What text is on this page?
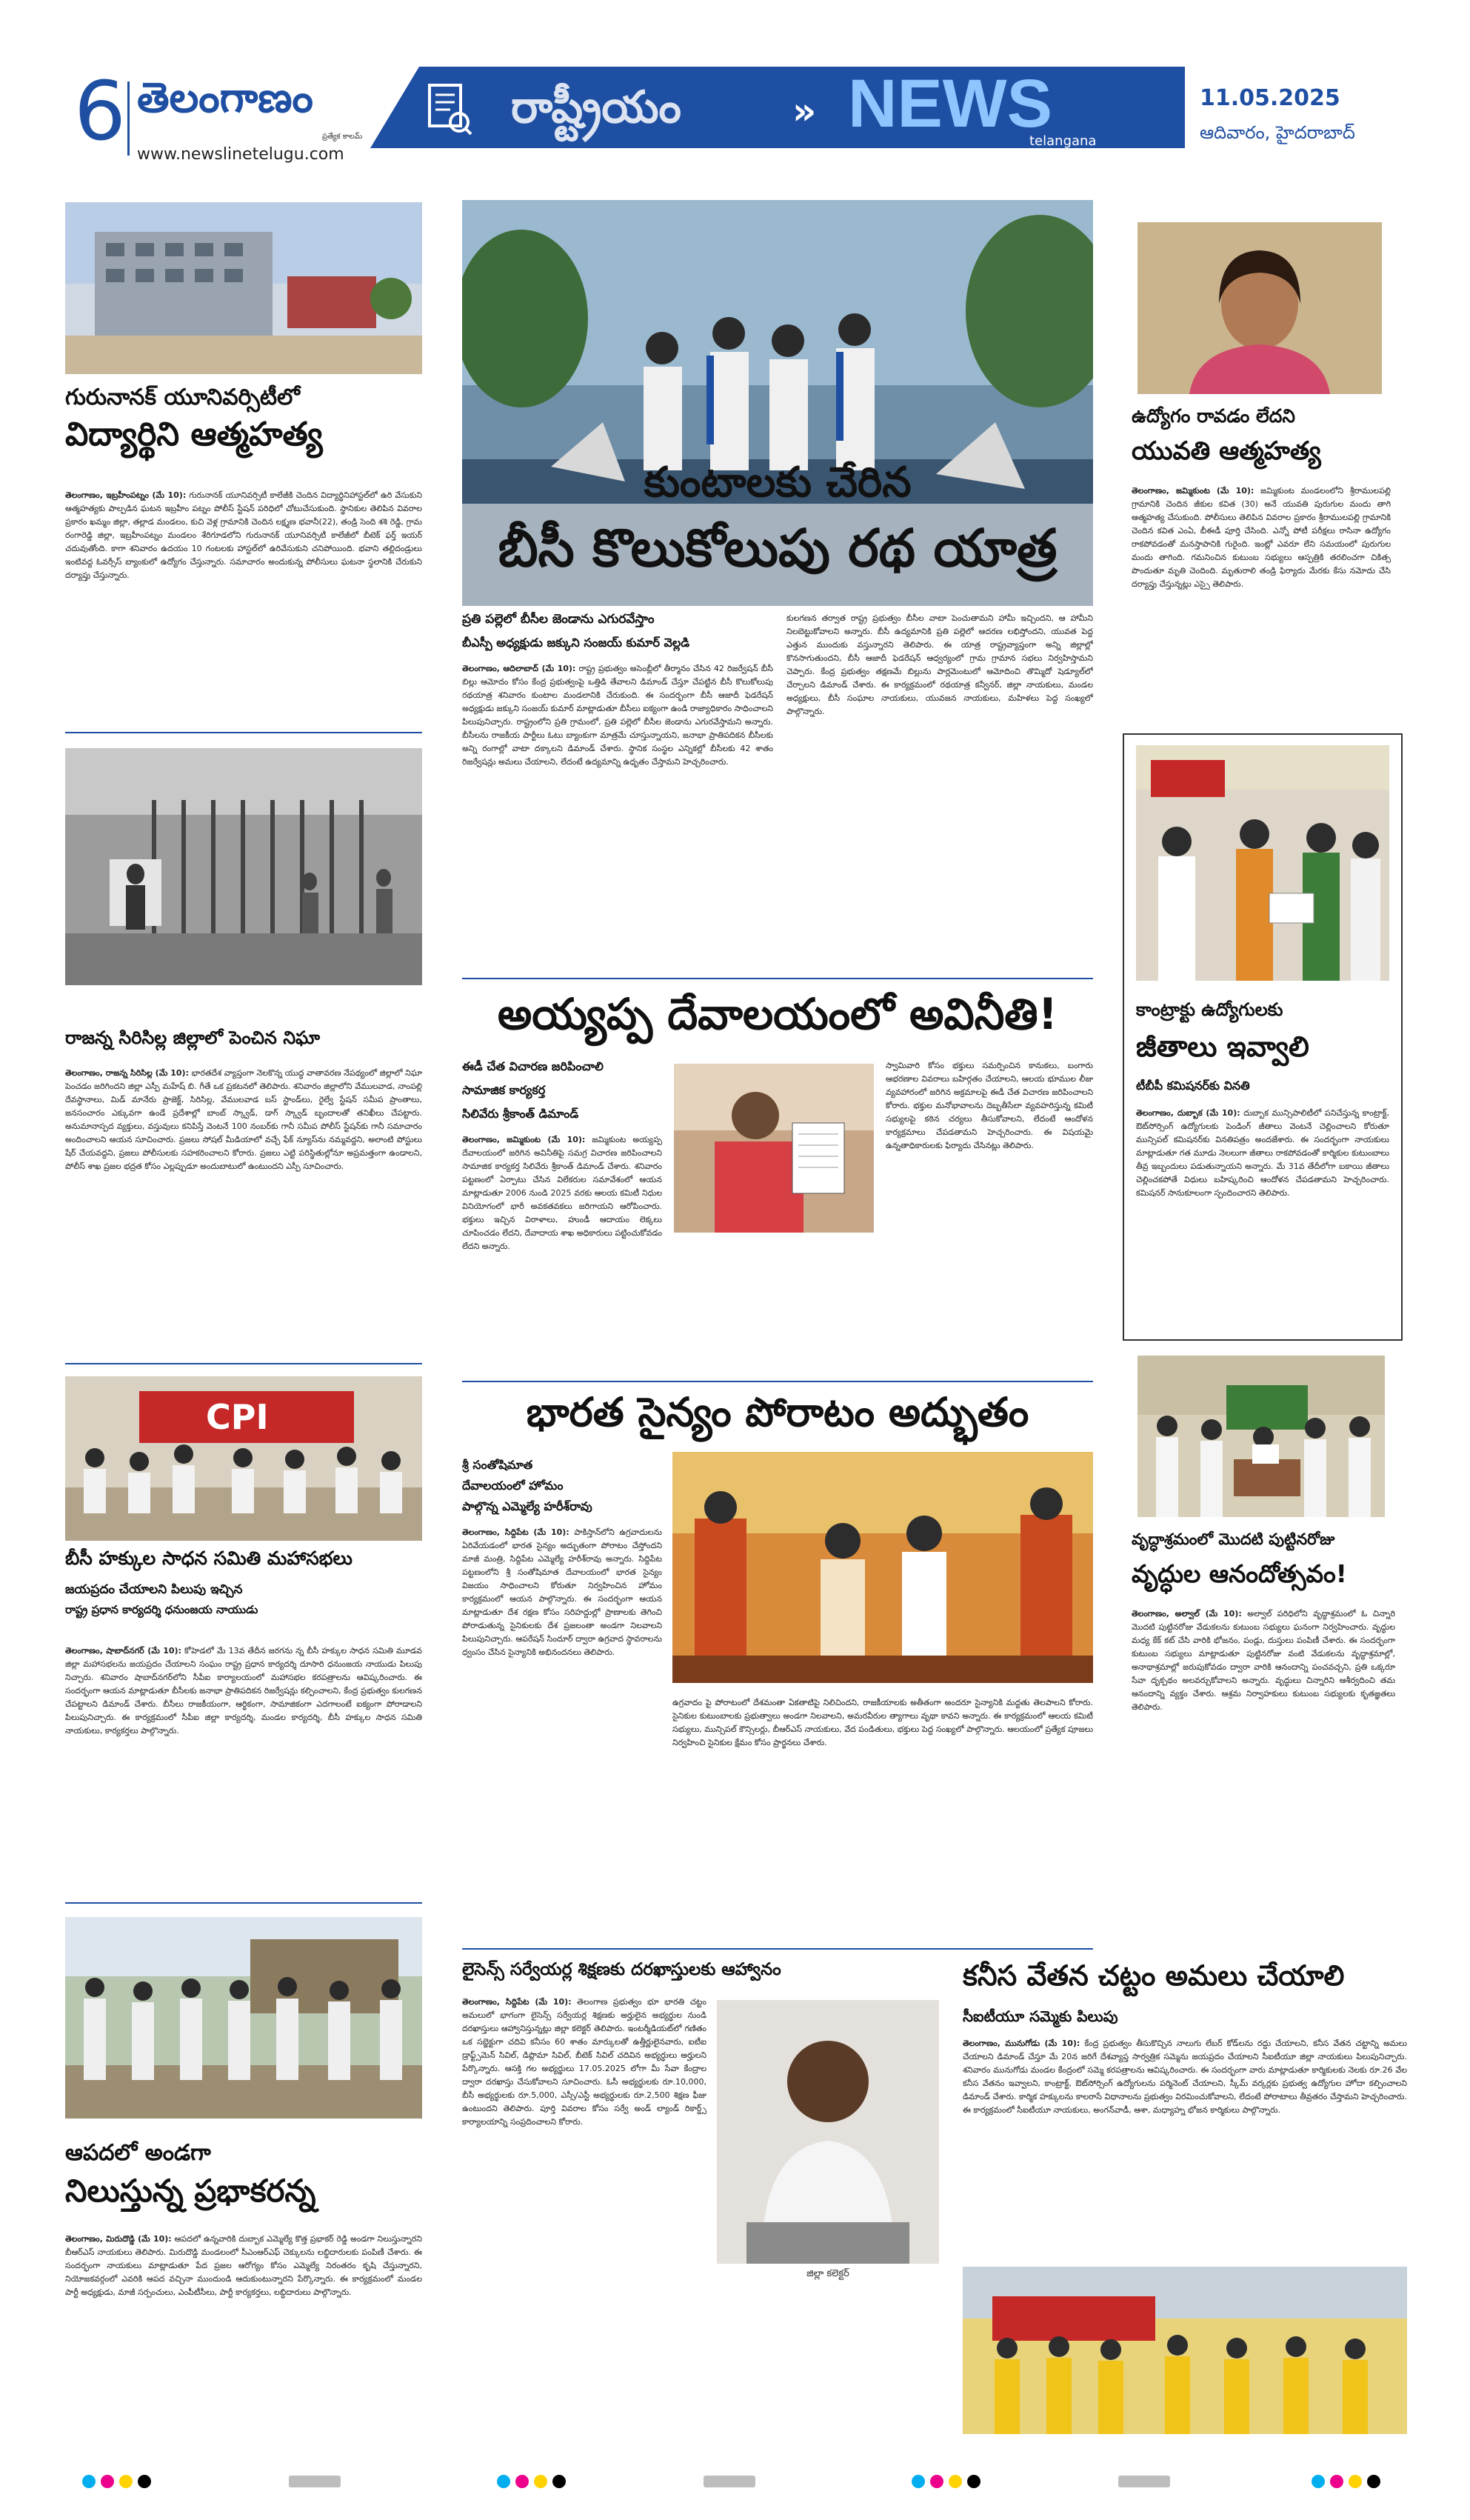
6 తెలంగాణం
ప్రత్యేక కాలమ్
www.newslinetelugu.com
రాష్ట్రీయం	» NEWS
telangana
11.05.2025
ఆదివారం, హైదరాబాద్
గురునానక్ యూనివర్సిటీలో
విద్యార్థిని ఆత్మహత్య
తెలంగాణం, ఇబ్రహీంపట్నం (మే 10): గురునానక్ యూనివర్సిటీ కాలేజీకి చెందిన విద్యార్థినిహాస్టల్‌లో ఉరి వేసుకుని ఆత్మహత్యకు పాల్పడిన ఘటన ఇబ్రహీం పట్నం పోలీస్ స్టేషన్ పరిధిలో చోటుచేసుకుంది. స్థానికుల తెలిపిన వివరాల ప్రకారం ఖమ్మం జిల్లా, తల్లాడ మండలం, కుచి వెళ్ల గ్రామానికి చెందిన లక్ష్మణ భవానీ(22), తండ్రి సెంది శశి రెడ్డి, గ్రామ రంగారెడ్డి జిల్లా, ఇబ్రహీంపట్నం మండలం శేరిగూడలోని గురునానక్ యూనివర్సిటీ కాలేజీలో బీటెక్ ఫర్త్ ఇయర్ చదువుతోంది. కాగా శనివారం ఉదయం 10 గంటలకు హాస్టల్‌లో ఉరివేసుకుని చనిపోయింది. భవాని తల్లిదండ్రులు ఇంటివద్ద ఓవర్సీస్ బ్యాంకులో ఉద్యోగం చేస్తున్నారు. సమాచారం అందుకున్న పోలీసులు ఘటనా స్థలానికి చేరుకుని దర్యాప్తు చేస్తున్నారు.
రాజన్న సిరిసిల్ల జిల్లాలో పెంచిన నిఘా
తెలంగాణం, రాజన్న సిరిసిల్ల (మే 10): భారతదేశ వ్యాప్తంగా నెలకొన్న యుద్ధ వాతావరణ నేపథ్యంలో జిల్లాలో నిఘా పెంచడం జరిగిందని జిల్లా ఎస్పీ మహేష్ బి. గీతే ఒక ప్రకటనలో తెలిపారు. శనివారం జిల్లాలోని వేములవాడ, నాంపల్లి దేవస్థానాలు, మిడ్ మానేరు ప్రాజెక్ట్, సిరిసిల్ల, వేములవాడ బస్ స్టాండ్‌లు, రైల్వే స్టేషన్ సమీప ప్రాంతాలు, జనసంచారం ఎక్కువగా ఉండే ప్రదేశాల్లో బాంబ్ స్క్వాడ్, డాగ్ స్క్వాడ్ బృందాలతో తనిఖీలు చేపట్టారు. అనుమానాస్పద వ్యక్తులు, వస్తువులు కనిపిస్తే వెంటనే 100 నంబర్‌కు గానీ సమీప పోలీస్ స్టేషన్‌కు గానీ సమాచారం అందించాలని ఆయన సూచించారు. ప్రజలు సోషల్ మీడియాలో వచ్చే ఫేక్ న్యూస్‌ను నమ్మవద్దని, అలాంటి పోస్టులు షేర్ చేయవద్దని, ప్రజలు పోలీసులకు సహకరించాలని కోరారు. ప్రజలు ఎట్టి పరిస్థితుల్లోనూ అప్రమత్తంగా ఉండాలని, పోలీస్ శాఖ ప్రజల భద్రత కోసం ఎల్లప్పుడూ అందుబాటులో ఉంటుందని ఎస్పీ సూచించారు.
CPI
బీసీ హక్కుల సాధన సమితి మహాసభలు
జయప్రదం చేయాలని పిలుపు ఇచ్చిన
రాష్ట్ర ప్రధాన కార్యదర్శి ధనుంజయ నాయుడు
తెలంగాణం, షాబాద్‌నగర్ (మే 10): కోహెడలో మే 13వ తేదీన జరగను న్న బీసీ హక్కుల సాధన సమితి మూడవ జిల్లా మహాసభలను జయప్రదం చేయాలని సంఘం రాష్ట్ర ప్రధాన కార్యదర్శి దూసారి ధనుంజయ నాయుడు పిలుపు నిచ్చారు. శనివారం షాబాద్‌నగర్‌లోని సీపీఐ కార్యాలయంలో మహాసభల కరపత్రాలను ఆవిష్కరించారు. ఈ సందర్భంగా ఆయన మాట్లాడుతూ బీసీలకు జనాభా ప్రాతిపదికన రిజర్వేషన్లు కల్పించాలని, కేంద్ర ప్రభుత్వం కులగణన చేపట్టాలని డిమాండ్ చేశారు. బీసీలు రాజకీయంగా, ఆర్థికంగా, సామాజికంగా ఎదగాలంటే ఐక్యంగా పోరాడాలని పిలుపునిచ్చారు. ఈ కార్యక్రమంలో సీపీఐ జిల్లా కార్యదర్శి, మండల కార్యదర్శి, బీసీ హక్కుల సాధన సమితి నాయకులు, కార్యకర్తలు పాల్గొన్నారు.
ఆపదలో అండగా
నిలుస్తున్న ప్రభాకరన్న
తెలంగాణం, మిరుదొడ్డి (మే 10): ఆపదలో ఉన్నవారికి దుబ్బాక ఎమ్మెల్యే కొత్త ప్రభాకర్ రెడ్డి అండగా నిలుస్తున్నారని బీఆర్ఎస్ నాయకులు తెలిపారు. మిరుదొడ్డి మండలంలో సీఎంఆర్‌ఎఫ్ చెక్కులను లబ్ధిదారులకు పంపిణీ చేశారు. ఈ సందర్భంగా నాయకులు మాట్లాడుతూ పేద ప్రజల ఆరోగ్యం కోసం ఎమ్మెల్యే నిరంతరం కృషి చేస్తున్నారని, నియోజకవర్గంలో ఎవరికి ఆపద వచ్చినా ముందుండి ఆదుకుంటున్నారని పేర్కొన్నారు. ఈ కార్యక్రమంలో మండల పార్టీ అధ్యక్షుడు, మాజీ సర్పంచులు, ఎంపీటీసీలు, పార్టీ కార్యకర్తలు, లబ్ధిదారులు పాల్గొన్నారు.
కుంటాలకు చేరిన
బీసీ కొలుకోలుపు రథ యాత్ర
ప్రతి పల్లెలో బీసీల జెండాను ఎగురవేస్తాం
బీఎస్పీ అధ్యక్షుడు జక్కుని సంజయ్ కుమార్ వెల్లడి
తెలంగాణం, ఆదిలాబాద్ (మే 10): రాష్ట్ర ప్రభుత్వం అసెంబ్లీలో తీర్మానం చేసిన 42 రిజర్వేషన్ బీసీ బిల్లు ఆమోదం కోసం కేంద్ర ప్రభుత్వంపై ఒత్తిడి తేవాలని డిమాండ్ చేస్తూ చేపట్టిన బీసీ కొలుకోలుపు రథయాత్ర శనివారం కుంటాల మండలానికి చేరుకుంది. ఈ సందర్భంగా బీసీ ఆజాదీ ఫెడరేషన్ అధ్యక్షుడు జక్కుని సంజయ్ కుమార్ మాట్లాడుతూ బీసీలు ఐక్యంగా ఉండి రాజ్యాధికారం సాధించాలని పిలుపునిచ్చారు. రాష్ట్రంలోని ప్రతి గ్రామంలో, ప్రతి పల్లెలో బీసీల జెండాను ఎగురవేస్తామని అన్నారు. బీసీలను రాజకీయ పార్టీలు ఓటు బ్యాంకుగా మాత్రమే చూస్తున్నాయని, జనాభా ప్రాతిపదికన బీసీలకు అన్ని రంగాల్లో వాటా దక్కాలని డిమాండ్ చేశారు. స్థానిక సంస్థల ఎన్నికల్లో బీసీలకు 42 శాతం రిజర్వేషన్లు అమలు చేయాలని, లేదంటే ఉద్యమాన్ని ఉధృతం చేస్తామని హెచ్చరించారు.
కులగణన తర్వాత రాష్ట్ర ప్రభుత్వం బీసీల వాటా పెంచుతామని హామీ ఇచ్చిందని, ఆ హామీని నిలబెట్టుకోవాలని అన్నారు. బీసీ ఉద్యమానికి ప్రతి పల్లెలో ఆదరణ లభిస్తోందని, యువత పెద్ద ఎత్తున ముందుకు వస్తున్నారని తెలిపారు. ఈ యాత్ర రాష్ట్రవ్యాప్తంగా అన్ని జిల్లాల్లో కొనసాగుతుందని, బీసీ ఆజాదీ ఫెడరేషన్ ఆధ్వర్యంలో గ్రామ గ్రామాన సభలు నిర్వహిస్తామని చెప్పారు. కేంద్ర ప్రభుత్వం తక్షణమే బిల్లును పార్లమెంటులో ఆమోదించి తొమ్మిదో షెడ్యూల్‌లో చేర్చాలని డిమాండ్ చేశారు. ఈ కార్యక్రమంలో రథయాత్ర కన్వీనర్, జిల్లా నాయకులు, మండల అధ్యక్షులు, బీసీ సంఘాల నాయకులు, యువజన నాయకులు, మహిళలు పెద్ద సంఖ్యలో పాల్గొన్నారు.
అయ్యప్ప దేవాలయంలో అవినీతి!
ఈడీ చేత విచారణ జరిపించాలి
సామాజిక కార్యకర్త
సిలివేరు శ్రీకాంత్ డిమాండ్
తెలంగాణం, జమ్మికుంట (మే 10): జమ్మికుంట అయ్యప్ప దేవాలయంలో జరిగిన అవినీతిపై సమగ్ర విచారణ జరిపించాలని సామాజిక కార్యకర్త సిలివేరు శ్రీకాంత్ డిమాండ్ చేశారు. శనివారం పట్టణంలో ఏర్పాటు చేసిన విలేకరుల సమావేశంలో ఆయన మాట్లాడుతూ 2006 నుండి 2025 వరకు ఆలయ కమిటీ నిధుల వినియోగంలో భారీ అవకతవకలు జరిగాయని ఆరోపించారు. భక్తులు ఇచ్చిన విరాళాలు, హుండీ ఆదాయం లెక్కలు చూపించడం లేదని, దేవాదాయ శాఖ అధికారులు పట్టించుకోవడం లేదని అన్నారు.
స్వామివారి కోసం భక్తులు సమర్పించిన కానుకలు, బంగారు ఆభరణాల వివరాలు బహిర్గతం చేయాలని, ఆలయ భూముల లీజు వ్యవహారంలో జరిగిన అక్రమాలపై ఈడీ చేత విచారణ జరిపించాలని కోరారు. భక్తుల మనోభావాలను దెబ్బతీసేలా వ్యవహరిస్తున్న కమిటీ సభ్యులపై కఠిన చర్యలు తీసుకోవాలని, లేదంటే ఆందోళన కార్యక్రమాలు చేపడతామని హెచ్చరించారు. ఈ విషయమై ఉన్నతాధికారులకు ఫిర్యాదు చేసినట్లు తెలిపారు.
భారత సైన్యం పోరాటం అద్భుతం
శ్రీ సంతోషిమాత
దేవాలయంలో హోమం
పాల్గొన్న ఎమ్మెల్యే హరీశ్‌రావు
తెలంగాణం, సిద్దిపేట (మే 10): పాకిస్తాన్‌లోని ఉగ్రవాదులను ఏరివేయడంలో భారత సైన్యం అద్భుతంగా పోరాటం చేస్తోందని మాజీ మంత్రి, సిద్దిపేట ఎమ్మెల్యే హరీశ్‌రావు అన్నారు. సిద్దిపేట పట్టణంలోని శ్రీ సంతోషిమాత దేవాలయంలో భారత సైన్యం విజయం సాధించాలని కోరుతూ నిర్వహించిన హోమం కార్యక్రమంలో ఆయన పాల్గొన్నారు. ఈ సందర్భంగా ఆయన మాట్లాడుతూ దేశ రక్షణ కోసం సరిహద్దుల్లో ప్రాణాలకు తెగించి పోరాడుతున్న సైనికులకు దేశ ప్రజలంతా అండగా నిలవాలని పిలుపునిచ్చారు. ఆపరేషన్ సిందూర్ ద్వారా ఉగ్రవాద స్థావరాలను ధ్వంసం చేసిన సైన్యానికి అభినందనలు తెలిపారు.
ఉగ్రవాదం పై పోరాటంలో దేశమంతా ఏకతాటిపై నిలిచిందని, రాజకీయాలకు అతీతంగా అందరూ సైన్యానికి మద్దతు తెలపాలని కోరారు. సైనికుల కుటుంబాలకు ప్రభుత్వాలు అండగా నిలవాలని, అమరవీరుల త్యాగాలు వృథా కావని అన్నారు. ఈ కార్యక్రమంలో ఆలయ కమిటీ సభ్యులు, మున్సిపల్ కౌన్సిలర్లు, బీఆర్ఎస్ నాయకులు, వేద పండితులు, భక్తులు పెద్ద సంఖ్యలో పాల్గొన్నారు. ఆలయంలో ప్రత్యేక పూజలు నిర్వహించి సైనికుల క్షేమం కోసం ప్రార్థనలు చేశారు.
లైసెన్స్ సర్వేయర్ల శిక్షణకు దరఖాస్తులకు ఆహ్వానం
తెలంగాణం, సిద్దిపేట (మే 10): తెలంగాణ ప్రభుత్వం భూ భారతి చట్టం అమలులో భాగంగా లైసెన్స్ సర్వేయర్ల శిక్షణకు అర్హులైన అభ్యర్థుల నుండి దరఖాస్తులు ఆహ్వానిస్తున్నట్లు జిల్లా కలెక్టర్ తెలిపారు. ఇంటర్మీడియట్‌లో గణితం ఒక సబ్జెక్టుగా చదివి కనీసం 60 శాతం మార్కులతో ఉత్తీర్ణులైనవారు, ఐటీఐ డ్రాఫ్ట్స్‌మెన్ సివిల్, డిప్లొమా సివిల్, బీటెక్ సివిల్ చదివిన అభ్యర్థులు అర్హులని పేర్కొన్నారు. ఆసక్తి గల అభ్యర్థులు 17.05.2025 లోగా మీ సేవా కేంద్రాల ద్వారా దరఖాస్తు చేసుకోవాలని సూచించారు. ఓసీ అభ్యర్థులకు రూ.10,000, బీసీ అభ్యర్థులకు రూ.5,000, ఎస్సీ/ఎస్టీ అభ్యర్థులకు రూ.2,500 శిక్షణ ఫీజు ఉంటుందని తెలిపారు. పూర్తి వివరాల కోసం సర్వే అండ్ ల్యాండ్ రికార్డ్స్ కార్యాలయాన్ని సంప్రదించాలని కోరారు.
జిల్లా కలెక్టర్
కనీస వేతన చట్టం అమలు చేయాలి
సీఐటీయూ సమ్మెకు పిలుపు
తెలంగాణం, మునుగోడు (మే 10): కేంద్ర ప్రభుత్వం తీసుకొచ్చిన నాలుగు లేబర్ కోడ్‌లను రద్దు చేయాలని, కనీస వేతన చట్టాన్ని అమలు చేయాలని డిమాండ్ చేస్తూ మే 20న జరిగే దేశవ్యాప్త సార్వత్రిక సమ్మెను జయప్రదం చేయాలని సీఐటీయూ జిల్లా నాయకులు పిలుపునిచ్చారు. శనివారం మునుగోడు మండల కేంద్రంలో సమ్మె కరపత్రాలను ఆవిష్కరించారు. ఈ సందర్భంగా వారు మాట్లాడుతూ కార్మికులకు నెలకు రూ.26 వేల కనీస వేతనం ఇవ్వాలని, కాంట్రాక్ట్, ఔట్‌సోర్సింగ్ ఉద్యోగులను పర్మినెంట్ చేయాలని, స్కీమ్ వర్కర్లకు ప్రభుత్వ ఉద్యోగుల హోదా కల్పించాలని డిమాండ్ చేశారు. కార్మిక హక్కులను కాలరాసే విధానాలను ప్రభుత్వం విరమించుకోవాలని, లేదంటే పోరాటాలు తీవ్రతరం చేస్తామని హెచ్చరించారు. ఈ కార్యక్రమంలో సీఐటీయూ నాయకులు, అంగన్‌వాడీ, ఆశా, మధ్యాహ్న భోజన కార్మికులు పాల్గొన్నారు.
ఉద్యోగం రావడం లేదని
యువతి ఆత్మహత్య
తెలంగాణం, జమ్మికుంట (మే 10): జమ్మికుంట మండలంలోని శ్రీరాములపల్లి గ్రామానికి చెందిన జీకుల కవిత (30) అనే యువతి పురుగుల మందు తాగి ఆత్మహత్య చేసుకుంది. పోలీసులు తెలిపిన వివరాల ప్రకారం శ్రీరాములపల్లి గ్రామానికి చెందిన కవిత ఎంఏ, బీఈడీ పూర్తి చేసింది. ఎన్నో పోటీ పరీక్షలు రాసినా ఉద్యోగం రాకపోవడంతో మనస్తాపానికి గురైంది. ఇంట్లో ఎవరూ లేని సమయంలో పురుగుల మందు తాగింది. గమనించిన కుటుంబ సభ్యులు ఆస్పత్రికి తరలించగా చికిత్స పొందుతూ మృతి చెందింది. మృతురాలి తండ్రి ఫిర్యాదు మేరకు కేసు నమోదు చేసి దర్యాప్తు చేస్తున్నట్లు ఎస్సై తెలిపారు.
కాంట్రాక్టు ఉద్యోగులకు
జీతాలు ఇవ్వాలి
టీబీపీ కమిషనర్‌కు వినతి
తెలంగాణం, దుబ్బాక (మే 10): దుబ్బాక మున్సిపాలిటీలో పనిచేస్తున్న కాంట్రాక్ట్, ఔట్‌సోర్సింగ్ ఉద్యోగులకు పెండింగ్ జీతాలు వెంటనే చెల్లించాలని కోరుతూ మున్సిపల్ కమిషనర్‌కు వినతిపత్రం అందజేశారు. ఈ సందర్భంగా నాయకులు మాట్లాడుతూ గత మూడు నెలలుగా జీతాలు రాకపోవడంతో కార్మికుల కుటుంబాలు తీవ్ర ఇబ్బందులు పడుతున్నాయని అన్నారు. మే 31వ తేదీలోగా బకాయి జీతాలు చెల్లించకపోతే విధులు బహిష్కరించి ఆందోళన చేపడతామని హెచ్చరించారు. కమిషనర్ సానుకూలంగా స్పందించారని తెలిపారు.
వృద్ధాశ్రమంలో మొదటి పుట్టినరోజు
వృద్ధుల ఆనందోత్సవం!
తెలంగాణం, అల్వాల్ (మే 10): అల్వాల్ పరిధిలోని వృద్ధాశ్రమంలో ఓ చిన్నారి మొదటి పుట్టినరోజు వేడుకలను కుటుంబ సభ్యులు ఘనంగా నిర్వహించారు. వృద్ధుల మధ్య కేక్ కట్ చేసి వారికి భోజనం, పండ్లు, దుస్తులు పంపిణీ చేశారు. ఈ సందర్భంగా కుటుంబ సభ్యులు మాట్లాడుతూ పుట్టినరోజు వంటి వేడుకలను వృద్ధాశ్రమాల్లో, అనాథాశ్రమాల్లో జరుపుకోవడం ద్వారా వారికి ఆనందాన్ని పంచవచ్చని, ప్రతి ఒక్కరూ సేవా దృక్పథం అలవర్చుకోవాలని అన్నారు. వృద్ధులు చిన్నారిని ఆశీర్వదించి తమ ఆనందాన్ని వ్యక్తం చేశారు. ఆశ్రమ నిర్వాహకులు కుటుంబ సభ్యులకు కృతజ్ఞతలు తెలిపారు.
